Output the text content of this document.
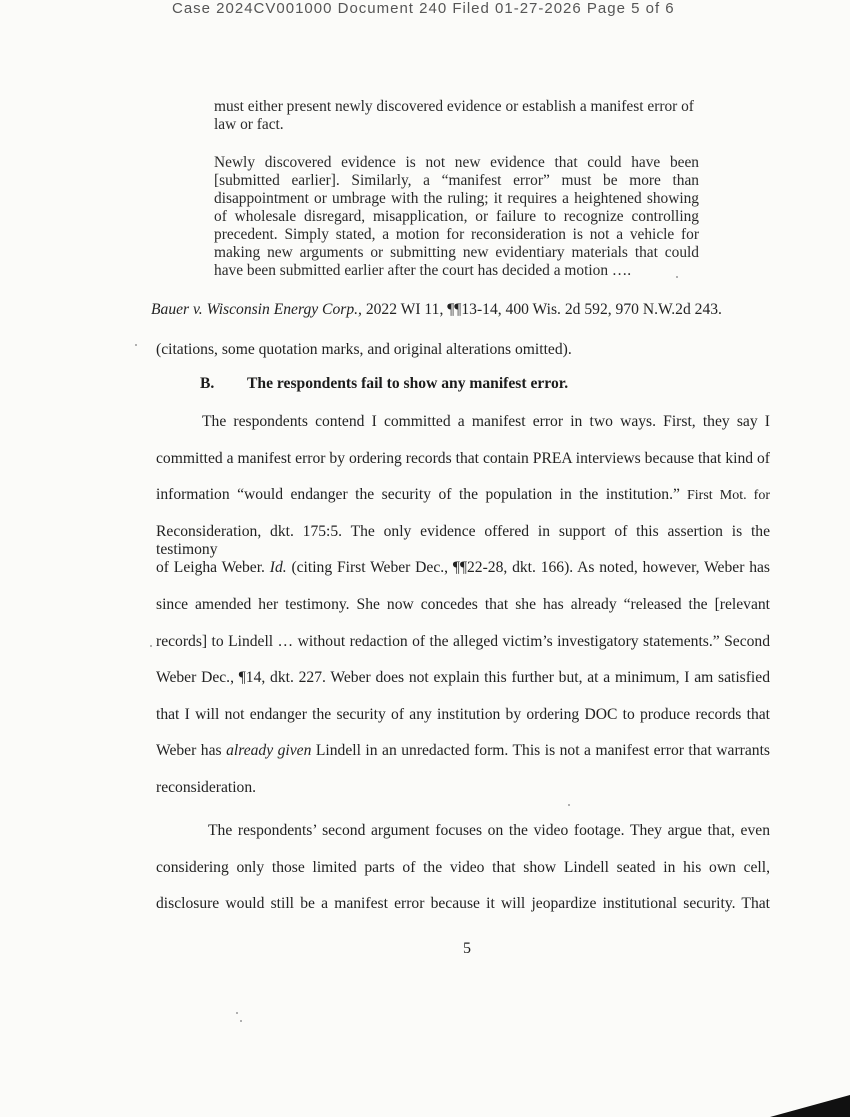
Case 2024CV001000 Document 240 Filed 01-27-2026 Page 5 of 6
must either present newly discovered evidence or establish a manifest error of law or fact.
Newly discovered evidence is not new evidence that could have been [submitted earlier]. Similarly, a “manifest error” must be more than disappointment or umbrage with the ruling; it requires a heightened showing of wholesale disregard, misapplication, or failure to recognize controlling precedent. Simply stated, a motion for reconsideration is not a vehicle for making new arguments or submitting new evidentiary materials that could have been submitted earlier after the court has decided a motion ….
Bauer v. Wisconsin Energy Corp., 2022 WI 11, ¶¶13-14, 400 Wis. 2d 592, 970 N.W.2d 243.
(citations, some quotation marks, and original alterations omitted).
B. The respondents fail to show any manifest error.
The respondents contend I committed a manifest error in two ways. First, they say I
committed a manifest error by ordering records that contain PREA interviews because that kind of
information “would endanger the security of the population in the institution.” First Mot. for
Reconsideration, dkt. 175:5. The only evidence offered in support of this assertion is the testimony
of Leigha Weber. Id. (citing First Weber Dec., ¶¶22-28, dkt. 166). As noted, however, Weber has
since amended her testimony. She now concedes that she has already “released the [relevant
records] to Lindell … without redaction of the alleged victim’s investigatory statements.” Second
Weber Dec., ¶14, dkt. 227. Weber does not explain this further but, at a minimum, I am satisfied
that I will not endanger the security of any institution by ordering DOC to produce records that
Weber has already given Lindell in an unredacted form. This is not a manifest error that warrants
reconsideration.
The respondents’ second argument focuses on the video footage. They argue that, even
considering only those limited parts of the video that show Lindell seated in his own cell,
disclosure would still be a manifest error because it will jeopardize institutional security. That
5
